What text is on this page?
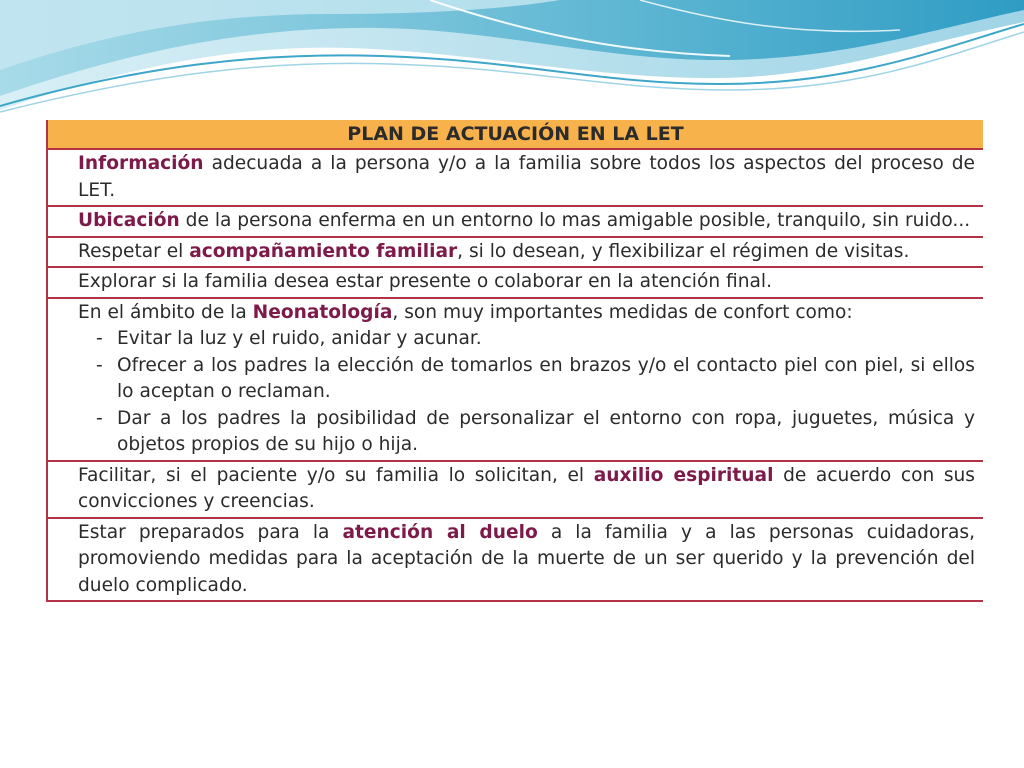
PLAN DE ACTUACIÓN EN LA LET
Información adecuada a la persona y/o a la familia sobre todos los aspectos del proceso de LET.
Ubicación de la persona enferma en un entorno lo mas amigable posible, tranquilo, sin ruido...
Respetar el acompañamiento familiar, si lo desean, y flexibilizar el régimen de visitas.
Explorar si la familia desea estar presente o colaborar en la atención final.
En el ámbito de la Neonatología, son muy importantes medidas de confort como:
- Evitar la luz y el ruido, anidar y acunar.
- Ofrecer a los padres la elección de tomarlos en brazos y/o el contacto piel con piel, si ellos lo aceptan o reclaman.
- Dar a los padres la posibilidad de personalizar el entorno con ropa, juguetes, música y objetos propios de su hijo o hija.

Facilitar, si el paciente y/o su familia lo solicitan, el auxilio espiritual de acuerdo con sus convicciones y creencias.
Estar preparados para la atención al duelo a la familia y a las personas cuidadoras, promoviendo medidas para la aceptación de la muerte de un ser querido y la prevención del duelo complicado.
